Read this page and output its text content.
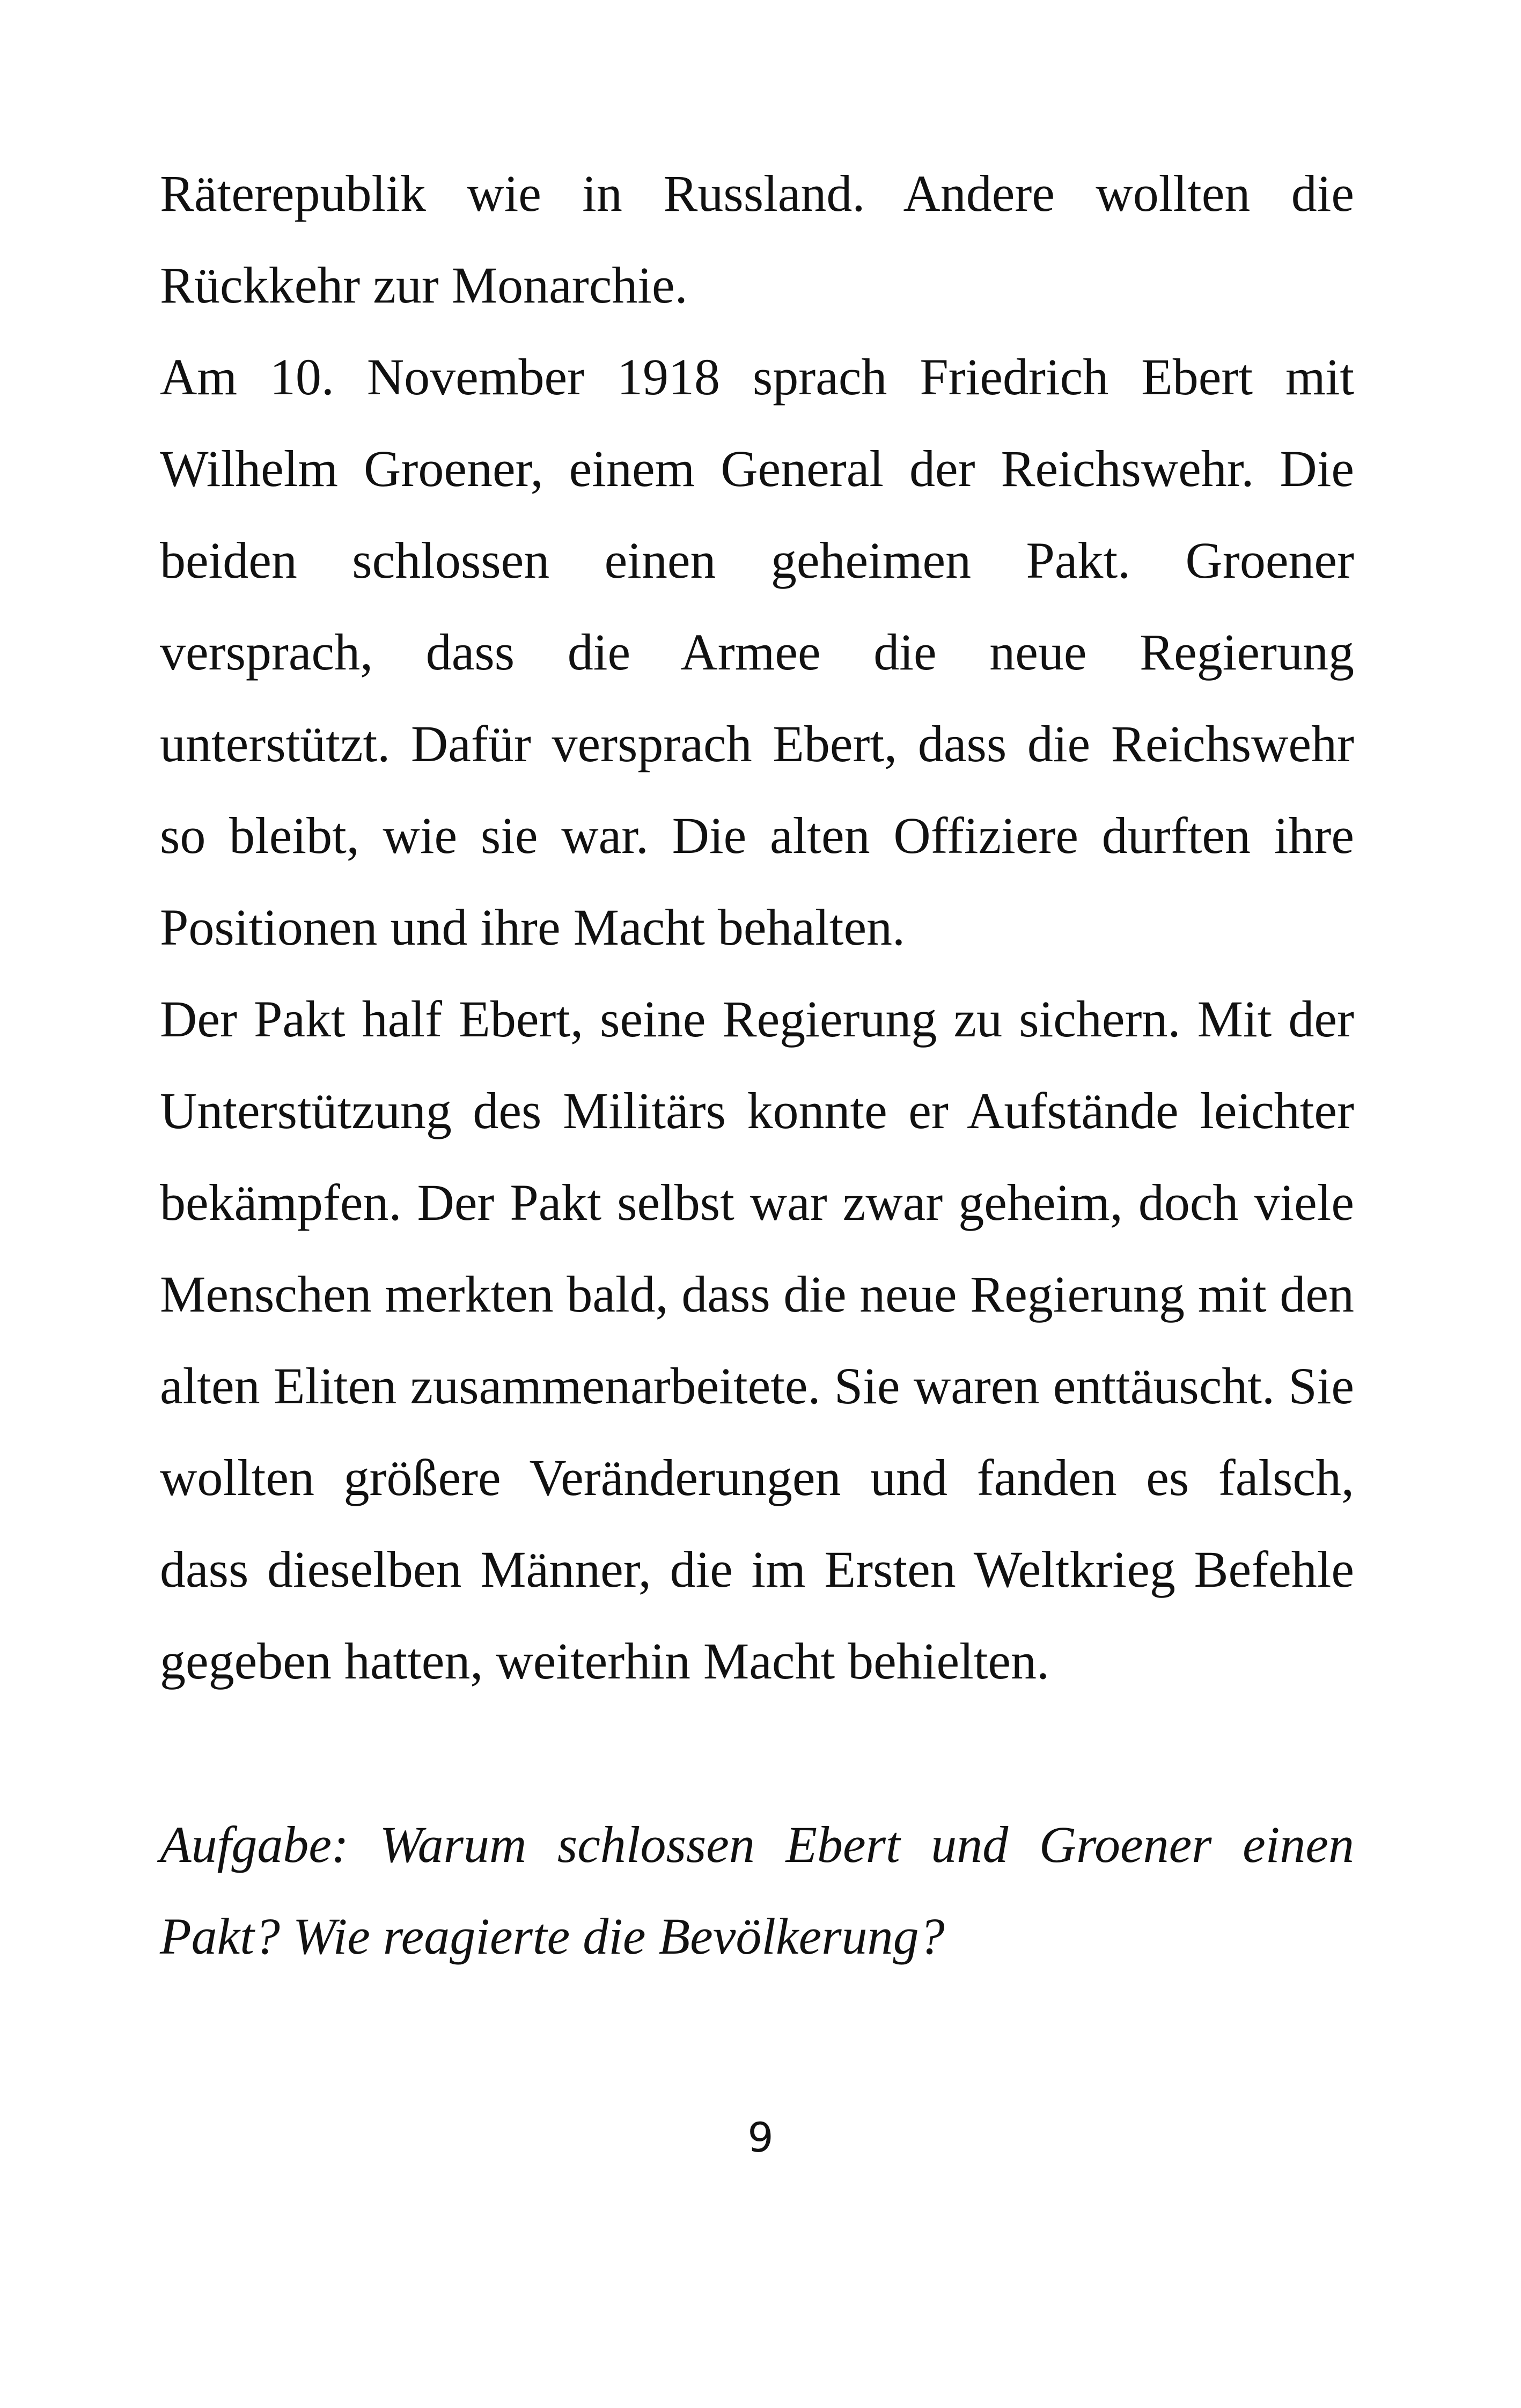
Räterepublik wie in Russland. Andere wollten die Rückkehr zur Monarchie.

Am 10. November 1918 sprach Friedrich Ebert mit Wilhelm Groener, einem General der Reichswehr. Die beiden schlossen einen geheimen Pakt. Groener versprach, dass die Armee die neue Regierung unterstützt. Dafür versprach Ebert, dass die Reichswehr so bleibt, wie sie war. Die alten Offiziere durften ihre Positionen und ihre Macht behalten.

Der Pakt half Ebert, seine Regierung zu sichern. Mit der Unterstützung des Militärs konnte er Aufstände leichter bekämpfen. Der Pakt selbst war zwar geheim, doch viele Menschen merkten bald, dass die neue Regierung mit den alten Eliten zusammenarbeitete. Sie waren enttäuscht. Sie wollten größere Veränderungen und fanden es falsch, dass dieselben Männer, die im Ersten Weltkrieg Befehle gegeben hatten, weiterhin Macht behielten.

Aufgabe: Warum schlossen Ebert und Groener einen Pakt? Wie reagierte die Bevölkerung?

9
